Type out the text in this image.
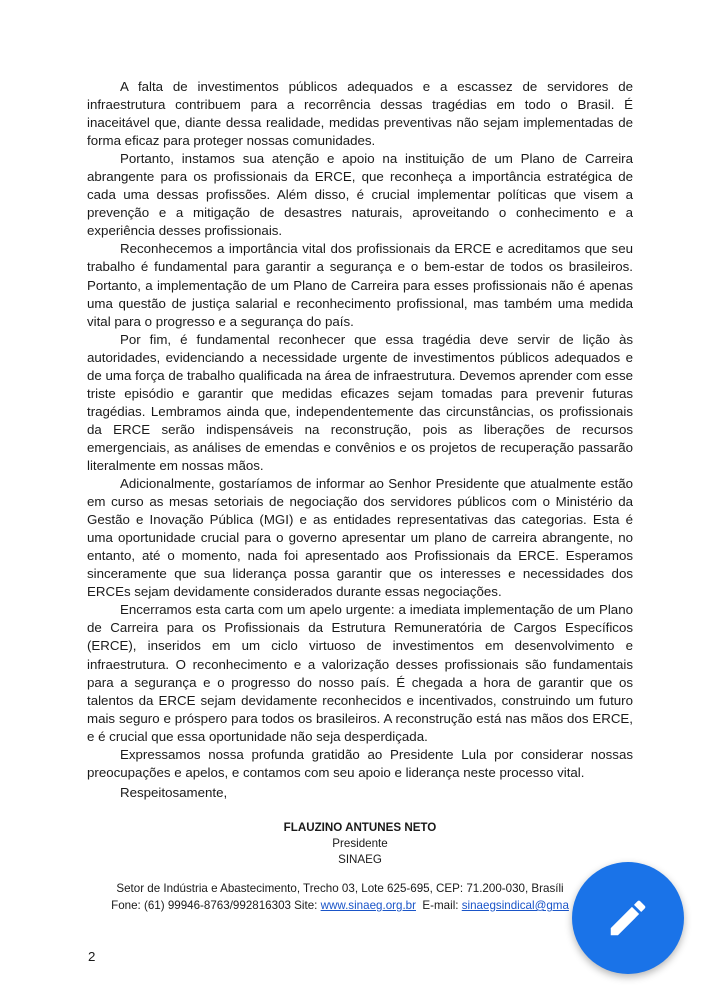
A falta de investimentos públicos adequados e a escassez de servidores de infraestrutura contribuem para a recorrência dessas tragédias em todo o Brasil. É inaceitável que, diante dessa realidade, medidas preventivas não sejam implementadas de forma eficaz para proteger nossas comunidades.

Portanto, instamos sua atenção e apoio na instituição de um Plano de Carreira abrangente para os profissionais da ERCE, que reconheça a importância estratégica de cada uma dessas profissões. Além disso, é crucial implementar políticas que visem a prevenção e a mitigação de desastres naturais, aproveitando o conhecimento e a experiência desses profissionais.

Reconhecemos a importância vital dos profissionais da ERCE e acreditamos que seu trabalho é fundamental para garantir a segurança e o bem-estar de todos os brasileiros. Portanto, a implementação de um Plano de Carreira para esses profissionais não é apenas uma questão de justiça salarial e reconhecimento profissional, mas também uma medida vital para o progresso e a segurança do país.

Por fim, é fundamental reconhecer que essa tragédia deve servir de lição às autoridades, evidenciando a necessidade urgente de investimentos públicos adequados e de uma força de trabalho qualificada na área de infraestrutura. Devemos aprender com esse triste episódio e garantir que medidas eficazes sejam tomadas para prevenir futuras tragédias. Lembramos ainda que, independentemente das circunstâncias, os profissionais da ERCE serão indispensáveis na reconstrução, pois as liberações de recursos emergenciais, as análises de emendas e convênios e os projetos de recuperação passarão literalmente em nossas mãos.

Adicionalmente, gostaríamos de informar ao Senhor Presidente que atualmente estão em curso as mesas setoriais de negociação dos servidores públicos com o Ministério da Gestão e Inovação Pública (MGI) e as entidades representativas das categorias. Esta é uma oportunidade crucial para o governo apresentar um plano de carreira abrangente, no entanto, até o momento, nada foi apresentado aos Profissionais da ERCE. Esperamos sinceramente que sua liderança possa garantir que os interesses e necessidades dos ERCEs sejam devidamente considerados durante essas negociações.

Encerramos esta carta com um apelo urgente: a imediata implementação de um Plano de Carreira para os Profissionais da Estrutura Remuneratória de Cargos Específicos (ERCE), inseridos em um ciclo virtuoso de investimentos em desenvolvimento e infraestrutura. O reconhecimento e a valorização desses profissionais são fundamentais para a segurança e o progresso do nosso país. É chegada a hora de garantir que os talentos da ERCE sejam devidamente reconhecidos e incentivados, construindo um futuro mais seguro e próspero para todos os brasileiros. A reconstrução está nas mãos dos ERCE, e é crucial que essa oportunidade não seja desperdiçada.

Expressamos nossa profunda gratidão ao Presidente Lula por considerar nossas preocupações e apelos, e contamos com seu apoio e liderança neste processo vital.

Respeitosamente,
FLAUZINO ANTUNES NETO
Presidente
SINAEG
Setor de Indústria e Abastecimento, Trecho 03, Lote 625-695, CEP: 71.200-030, Brasíli
Fone: (61) 99946-8763/992816303 Site: www.sinaeg.org.br  E-mail: sinaegsindical@gma
2
